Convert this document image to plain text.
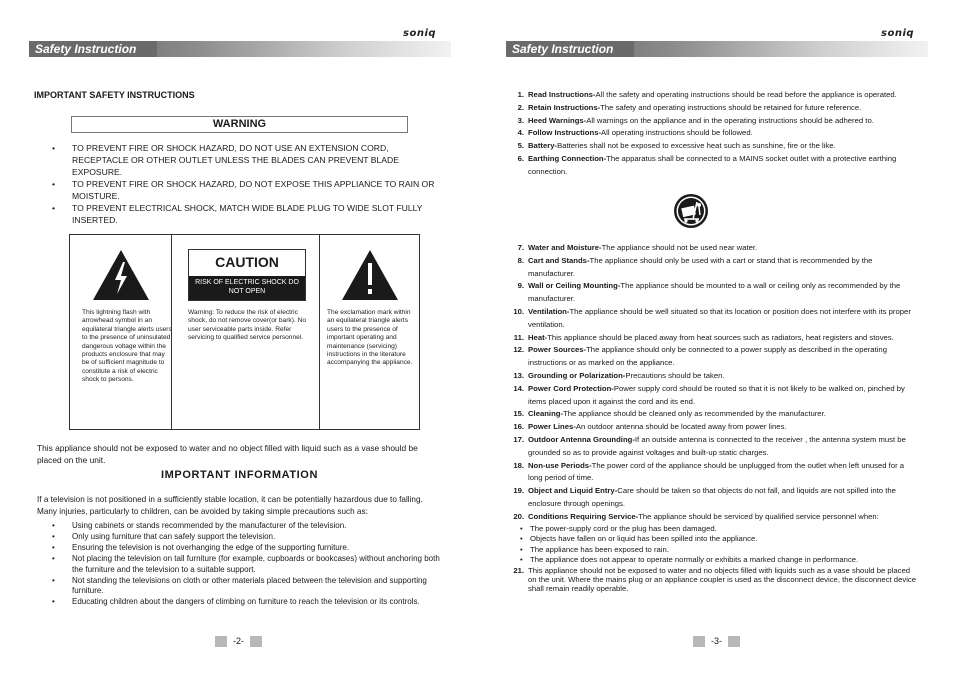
soniq
Safety Instruction
IMPORTANT SAFETY INSTRUCTIONS
WARNING
• TO PREVENT FIRE OR SHOCK HAZARD, DO NOT USE AN EXTENSION CORD, RECEPTACLE OR OTHER OUTLET UNLESS THE BLADES CAN PREVENT BLADE EXPOSURE.
• TO PREVENT FIRE OR SHOCK HAZARD, DO NOT EXPOSE THIS APPLIANCE TO RAIN OR MOISTURE.
• TO PREVENT ELECTRICAL SHOCK, MATCH WIDE BLADE PLUG TO WIDE SLOT FULLY INSERTED.
This lightning flash with arrowhead symbol in an equilateral triangle alerts users to the presence of uninsulated dangerous voltage within the products enclosure that may be of sufficient magnitude to constitute a risk of electric shock to persons.
CAUTION
RISK OF ELECTRIC SHOCK DO NOT OPEN
Warning: To reduce the risk of electric shock, do not remove cover(or bark). No user serviceable parts inside. Refer servicing to qualified service personnel.
The exclamation mark within an equilateral triangle alerts users to the presence of important operating and maintenance (servicing) instructions in the literature accompanying the appliance.
This appliance should not be exposed to water and no object filled with liquid such as a vase should be placed on the unit.
IMPORTANT INFORMATION
If a television is not positioned in a sufficiently stable location, it can be potentially hazardous due to falling. Many injuries, particularly to children, can be avoided by taking simple precautions such as:
• Using cabinets or stands recommended by the manufacturer of the television.
• Only using furniture that can safely support the television.
• Ensuring the television is not overhanging the edge of the supporting furniture.
• Not placing the television on tall furniture (for example, cupboards or bookcases) without anchoring both the furniture and the television to a suitable support.
• Not standing the televisions on cloth or other materials placed between the television and supporting furniture.
• Educating children about the dangers of climbing on furniture to reach the television or its controls.
-2-
soniq
Safety Instruction
1. Read Instructions-All the safety and operating instructions should be read before the appliance is operated.
2. Retain Instructions-The safety and operating instructions should be retained for future reference.
3. Heed Warnings-All warnings on the appliance and in the operating instructions should be adhered to.
4. Follow Instructions-All operating instructions should be followed.
5. Battery-Batteries shall not be exposed to excessive heat such as sunshine, fire or the like.
6. Earthing Connection-The apparatus shall be connected to a MAINS socket outlet with a protective earthing connection.
7. Water and Moisture-The appliance should not be used near water.
8. Cart and Stands-The appliance should only be used with a cart or stand that is recommended by the manufacturer.
9. Wall or Ceiling Mounting-The appliance should be mounted to a wall or ceiling only as recommended by the manufacturer.
10. Ventilation-The appliance should be well situated so that its location or position does not interfere with its proper ventilation.
11. Heat-This appliance should be placed away from heat sources such as radiators, heat registers and stoves.
12. Power Sources-The appliance should only be connected to a power supply as described in the operating instructions or as marked on the appliance.
13. Grounding or Polarization-Precautions should be taken.
14. Power Cord Protection-Power supply cord should be routed so that it is not likely to be walked on, pinched by items placed upon it against the cord and its end.
15. Cleaning-The appliance should be cleaned only as recommended by the manufacturer.
16. Power Lines-An outdoor antenna should be located away from power lines.
17. Outdoor Antenna Grounding-If an outside antenna is connected to the receiver , the antenna system must be grounded so as to provide against voltages and built-up static charges.
18. Non-use Periods-The power cord of the appliance should be unplugged from the outlet when left unused for a long period of time.
19. Object and Liquid Entry-Care should be taken so that objects do not fall, and liquids are not spilled into the enclosure through openings.
20. Conditions Requiring Service-The appliance should be serviced by qualified service personnel when:
• The power-supply cord or the plug has been damaged.
• Objects have fallen on or liquid has been spilled into the appliance.
• The appliance has been exposed to rain.
• The appliance does not appear to operate normally or exhibits a marked change in performance.
21. This appliance should not be exposed to water and no objects filled with liquids such as a vase should be placed on the unit. Where the mains plug or an appliance coupler is used as the disconnect device, the disconnect device shall remain readily operable.
-3-
